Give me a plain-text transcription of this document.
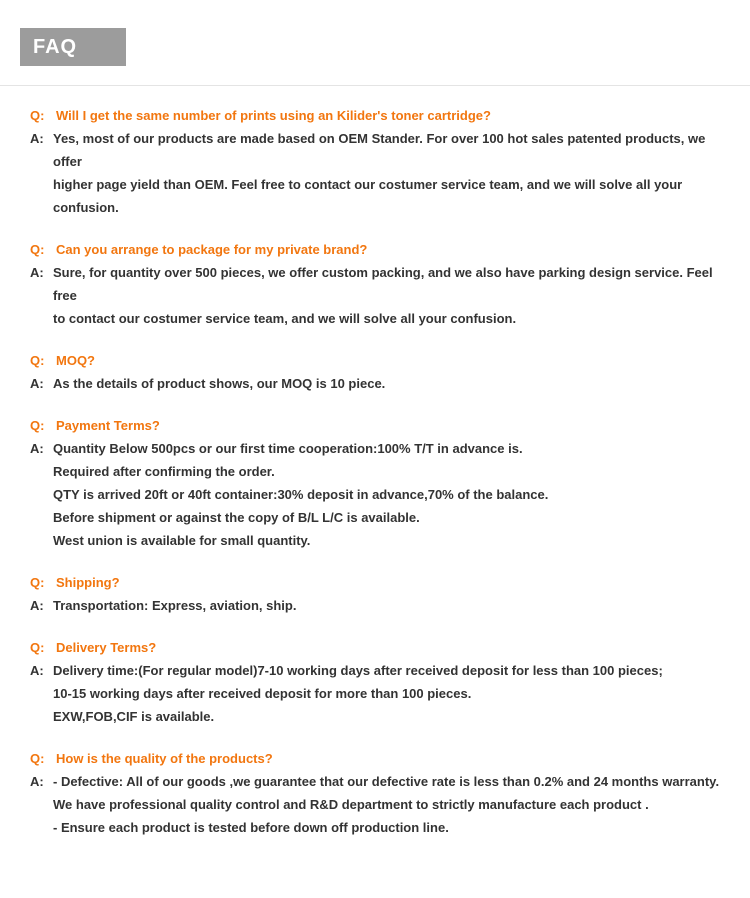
FAQ
Q: Will I get the same number of prints using an Kilider's toner cartridge?
A: Yes, most of our products are made based on OEM Stander. For over 100 hot sales patented products, we offer
higher page yield than OEM. Feel free to contact our costumer service team, and we will solve all your confusion.
Q: Can you arrange to package for my private brand?
A: Sure, for quantity over 500 pieces, we offer custom packing, and we also have parking design service. Feel free
to contact our costumer service team, and we will solve all your confusion.
Q: MOQ?
A: As the details of product shows, our MOQ is 10 piece.
Q: Payment Terms?
A: Quantity Below 500pcs or our first time cooperation:100% T/T in advance is.
Required after confirming the order.
QTY is arrived 20ft or 40ft container:30% deposit in advance,70% of the balance.
Before shipment or against the copy of B/L L/C is available.
West union is available for small quantity.
Q: Shipping?
A: Transportation: Express, aviation, ship.
Q: Delivery Terms?
A: Delivery time:(For regular model)7-10 working days after received deposit for less than 100 pieces;
10-15 working days after received deposit for more than 100 pieces.
EXW,FOB,CIF is available.
Q: How is the quality of the products?
A: - Defective: All of our goods ,we guarantee that our defective rate is less than 0.2% and 24 months warranty.
We have professional quality control and R&D department to strictly manufacture each product .
- Ensure each product is tested before down off production line.
